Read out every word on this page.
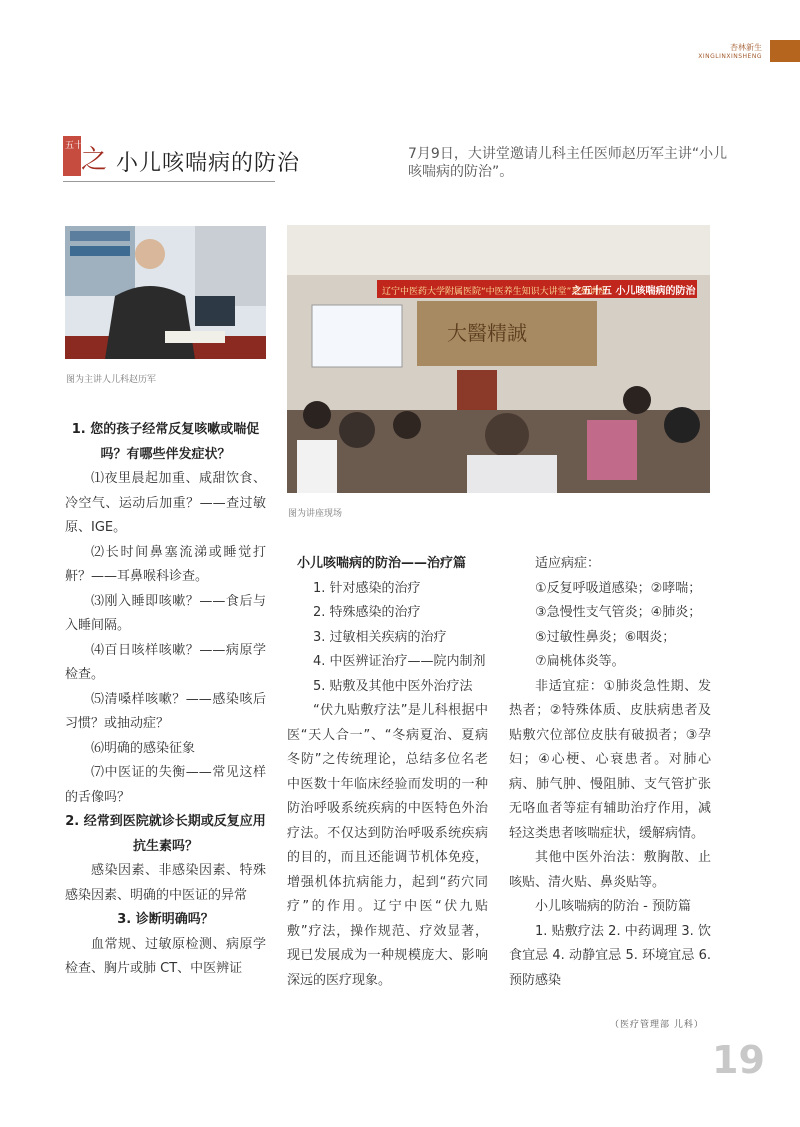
杏林新生
XINGLINXINSHENG
五十五
之 小儿咳喘病的防治	7月9日，大讲堂邀请儿科主任医师赵历军主讲“小儿咳喘病的防治”。
图为主讲人儿科赵历军
辽宁中医药大学附属医院“中医养生知识大讲堂”系列讲座
之五十五 小儿咳喘病的防治
大醫精誠
图为讲座现场

1. 您的孩子经常反复咳嗽或喘促吗？有哪些伴发症状？

⑴夜里晨起加重、咸甜饮食、冷空气、运动后加重？——查过敏原、IGE。

⑵长时间鼻塞流涕或睡觉打鼾？——耳鼻喉科诊查。

⑶刚入睡即咳嗽？——食后与入睡间隔。

⑷百日咳样咳嗽？——病原学检查。

⑸清嗓样咳嗽？——感染咳后习惯？或抽动症？

⑹明确的感染征象

⑺中医证的失衡——常见这样的舌像吗？

2. 经常到医院就诊长期或反复应用抗生素吗？

感染因素、非感染因素、特殊感染因素、明确的中医证的异常

3. 诊断明确吗？

血常规、过敏原检测、病原学检查、胸片或肺 CT、中医辨证

小儿咳喘病的防治——治疗篇

1. 针对感染的治疗

2. 特殊感染的治疗

3. 过敏相关疾病的治疗

4. 中医辨证治疗——院内制剂

5. 贴敷及其他中医外治疗法

“伏九贴敷疗法”是儿科根据中医“天人合一”、“冬病夏治、夏病冬防”之传统理论，总结多位名老中医数十年临床经验而发明的一种防治呼吸系统疾病的中医特色外治疗法。不仅达到防治呼吸系统疾病的目的，而且还能调节机体免疫，增强机体抗病能力，起到“药穴同疗”的作用。辽宁中医“伏九贴敷”疗法，操作规范、疗效显著，现已发展成为一种规模庞大、影响深远的医疗现象。

适应病症：

①反复呼吸道感染；②哮喘；

③急慢性支气管炎；④肺炎；

⑤过敏性鼻炎；⑥咽炎；

⑦扁桃体炎等。

非适宜症：①肺炎急性期、发热者；②特殊体质、皮肤病患者及贴敷穴位部位皮肤有破损者；③孕妇；④心梗、心衰患者。对肺心病、肺气肿、慢阻肺、支气管扩张无咯血者等症有辅助治疗作用，减轻这类患者咳喘症状，缓解病情。

其他中医外治法：敷胸散、止咳贴、清火贴、鼻炎贴等。

小儿咳喘病的防治 - 预防篇

1. 贴敷疗法 2. 中药调理 3. 饮食宜忌 4. 动静宜忌 5. 环境宜忌 6. 预防感染

（医疗管理部 儿科）
19
